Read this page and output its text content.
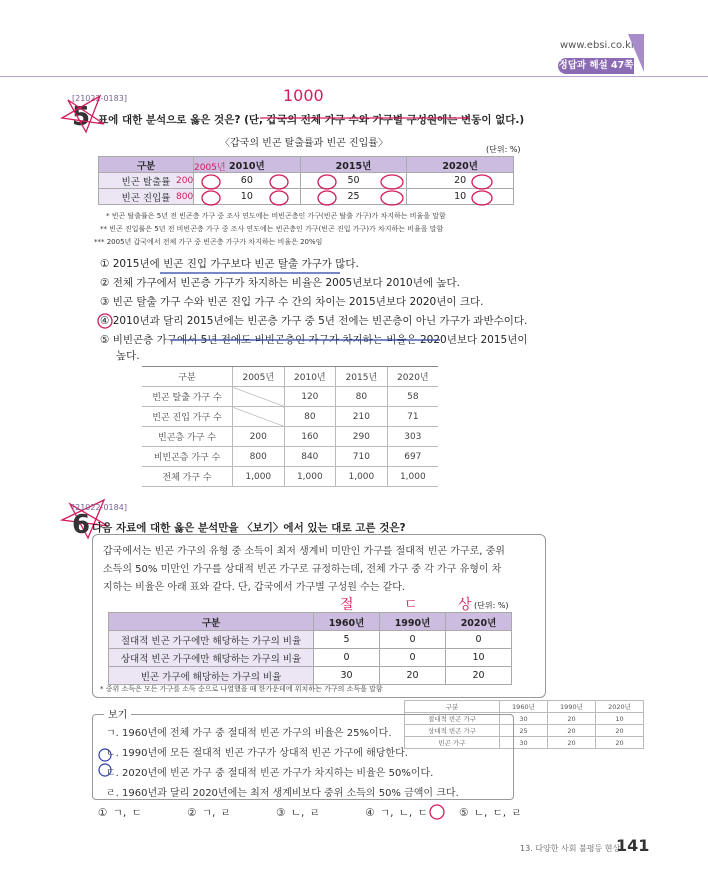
www.ebsi.co.kr
정답과 해설 47쪽
[21022-0183]
5 표에 대한 분석으로 옳은 것은? (단, 갑국의 전체 가구 수와 가구별 구성원에는 변동이 없다.)
1000
〈갑국의 빈곤 탈출률과 빈곤 진입률〉
(단위: %)
구분	2010년	2015년	2020년
빈곤 탈출률	60	50	20
빈곤 진입률	10	25	10
* 빈곤 탈출률은 5년 전 빈곤층 가구 중 조사 연도에는 비빈곤층인 가구(빈곤 탈출 가구)가 차지하는 비율을 말함
** 빈곤 진입률은 5년 전 비빈곤층 가구 중 조사 연도에는 빈곤층인 가구(빈곤 진입 가구)가 차지하는 비율을 말함
*** 2005년 갑국에서 전체 가구 중 빈곤층 가구가 차지하는 비율은 20%임
① 2015년에 빈곤 진입 가구보다 빈곤 탈출 가구가 많다.
② 전체 가구에서 빈곤층 가구가 차지하는 비율은 2005년보다 2010년에 높다.
③ 빈곤 탈출 가구 수와 빈곤 진입 가구 수 간의 차이는 2015년보다 2020년이 크다.
④ 2010년과 달리 2015년에는 빈곤층 가구 중 5년 전에는 빈곤층이 아닌 가구가 과반수이다.
⑤ 비빈곤층 가구에서 5년 전에도 비빈곤층인 가구가 차지하는 비율은 2020년보다 2015년이
높다.
구분	2005년	2010년	2015년	2020년
빈곤 탈출 가구 수		120	80	58
빈곤 진입 가구 수		80	210	71
빈곤층 가구 수	200	160	290	303
비빈곤층 가구 수	800	840	710	697
전체 가구 수	1,000	1,000	1,000	1,000
2005년
200
800
[21022-0184]
6 다음 자료에 대한 옳은 분석만을 〈보기〉에서 있는 대로 고른 것은?

갑국에서는 빈곤 가구의 유형 중 소득이 최저 생계비 미만인 가구를 절대적 빈곤 가구로, 중위

소득의 50% 미만인 가구를 상대적 빈곤 가구로 규정하는데, 전체 가구 중 각 가구 유형이 차

지하는 비율은 아래 표와 같다. 단, 갑국에서 가구별 구성원 수는 같다.

절	ㄷ	상 (단위: %)
구분	1960년	1990년	2020년
절대적 빈곤 가구에만 해당하는 가구의 비율	5	0	0
상대적 빈곤 가구에만 해당하는 가구의 비율	0	0	10
빈곤 가구에 해당하는 가구의 비율	30	20	20
* 중위 소득은 모든 가구를 소득 순으로 나열했을 때 한가운데에 위치하는 가구의 소득을 말함
구분	1960년	1990년	2020년
절대적 빈곤 가구	30	20	10
상대적 빈곤 가구	25	20	20
빈곤 가구	30	20	20
보기
ㄱ. 1960년에 전체 가구 중 절대적 빈곤 가구의 비율은 25%이다.
ㄴ. 1990년에 모든 절대적 빈곤 가구가 상대적 빈곤 가구에 해당한다.
ㄷ. 2020년에 빈곤 가구 중 절대적 빈곤 가구가 차지하는 비율은 50%이다.
ㄹ. 1960년과 달리 2020년에는 최저 생계비보다 중위 소득의 50% 금액이 크다.
① ㄱ, ㄷ	② ㄱ, ㄹ	③ ㄴ, ㄹ	④ ㄱ, ㄴ, ㄷ	⑤ ㄴ, ㄷ, ㄹ
13. 다양한 사회 불평등 현상
141
